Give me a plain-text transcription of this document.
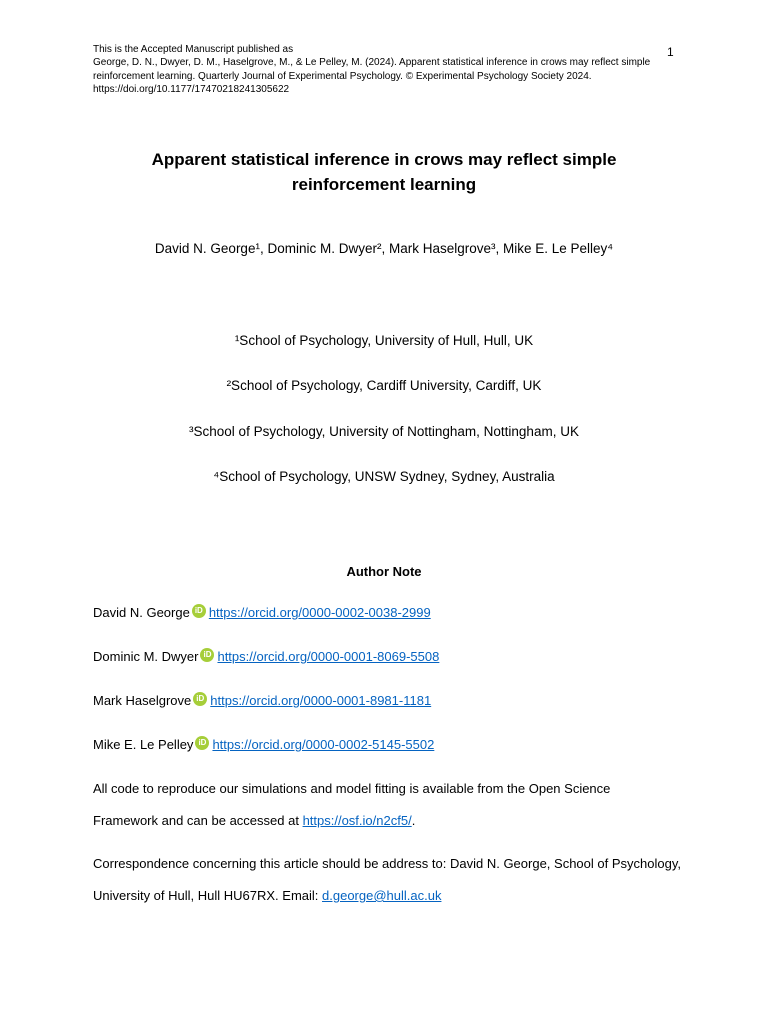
This is the Accepted Manuscript published as
George, D. N., Dwyer, D. M., Haselgrove, M., & Le Pelley, M. (2024). Apparent statistical inference in crows may reflect simple
reinforcement learning. Quarterly Journal of Experimental Psychology. © Experimental Psychology Society 2024.
https://doi.org/10.1177/17470218241305622
1
Apparent statistical inference in crows may reflect simple
reinforcement learning
David N. George¹, Dominic M. Dwyer², Mark Haselgrove³, Mike E. Le Pelley⁴
¹School of Psychology, University of Hull, Hull, UK
²School of Psychology, Cardiff University, Cardiff, UK
³School of Psychology, University of Nottingham, Nottingham, UK
⁴School of Psychology, UNSW Sydney, Sydney, Australia
Author Note
David N. George iD https://orcid.org/0000-0002-0038-2999
Dominic M. Dwyer iD https://orcid.org/0000-0001-8069-5508
Mark Haselgrove iD https://orcid.org/0000-0001-8981-1181
Mike E. Le Pelley iD https://orcid.org/0000-0002-5145-5502
All code to reproduce our simulations and model fitting is available from the Open Science
Framework and can be accessed at https://osf.io/n2cf5/.
Correspondence concerning this article should be address to: David N. George, School of Psychology,
University of Hull, Hull HU67RX. Email: d.george@hull.ac.uk
